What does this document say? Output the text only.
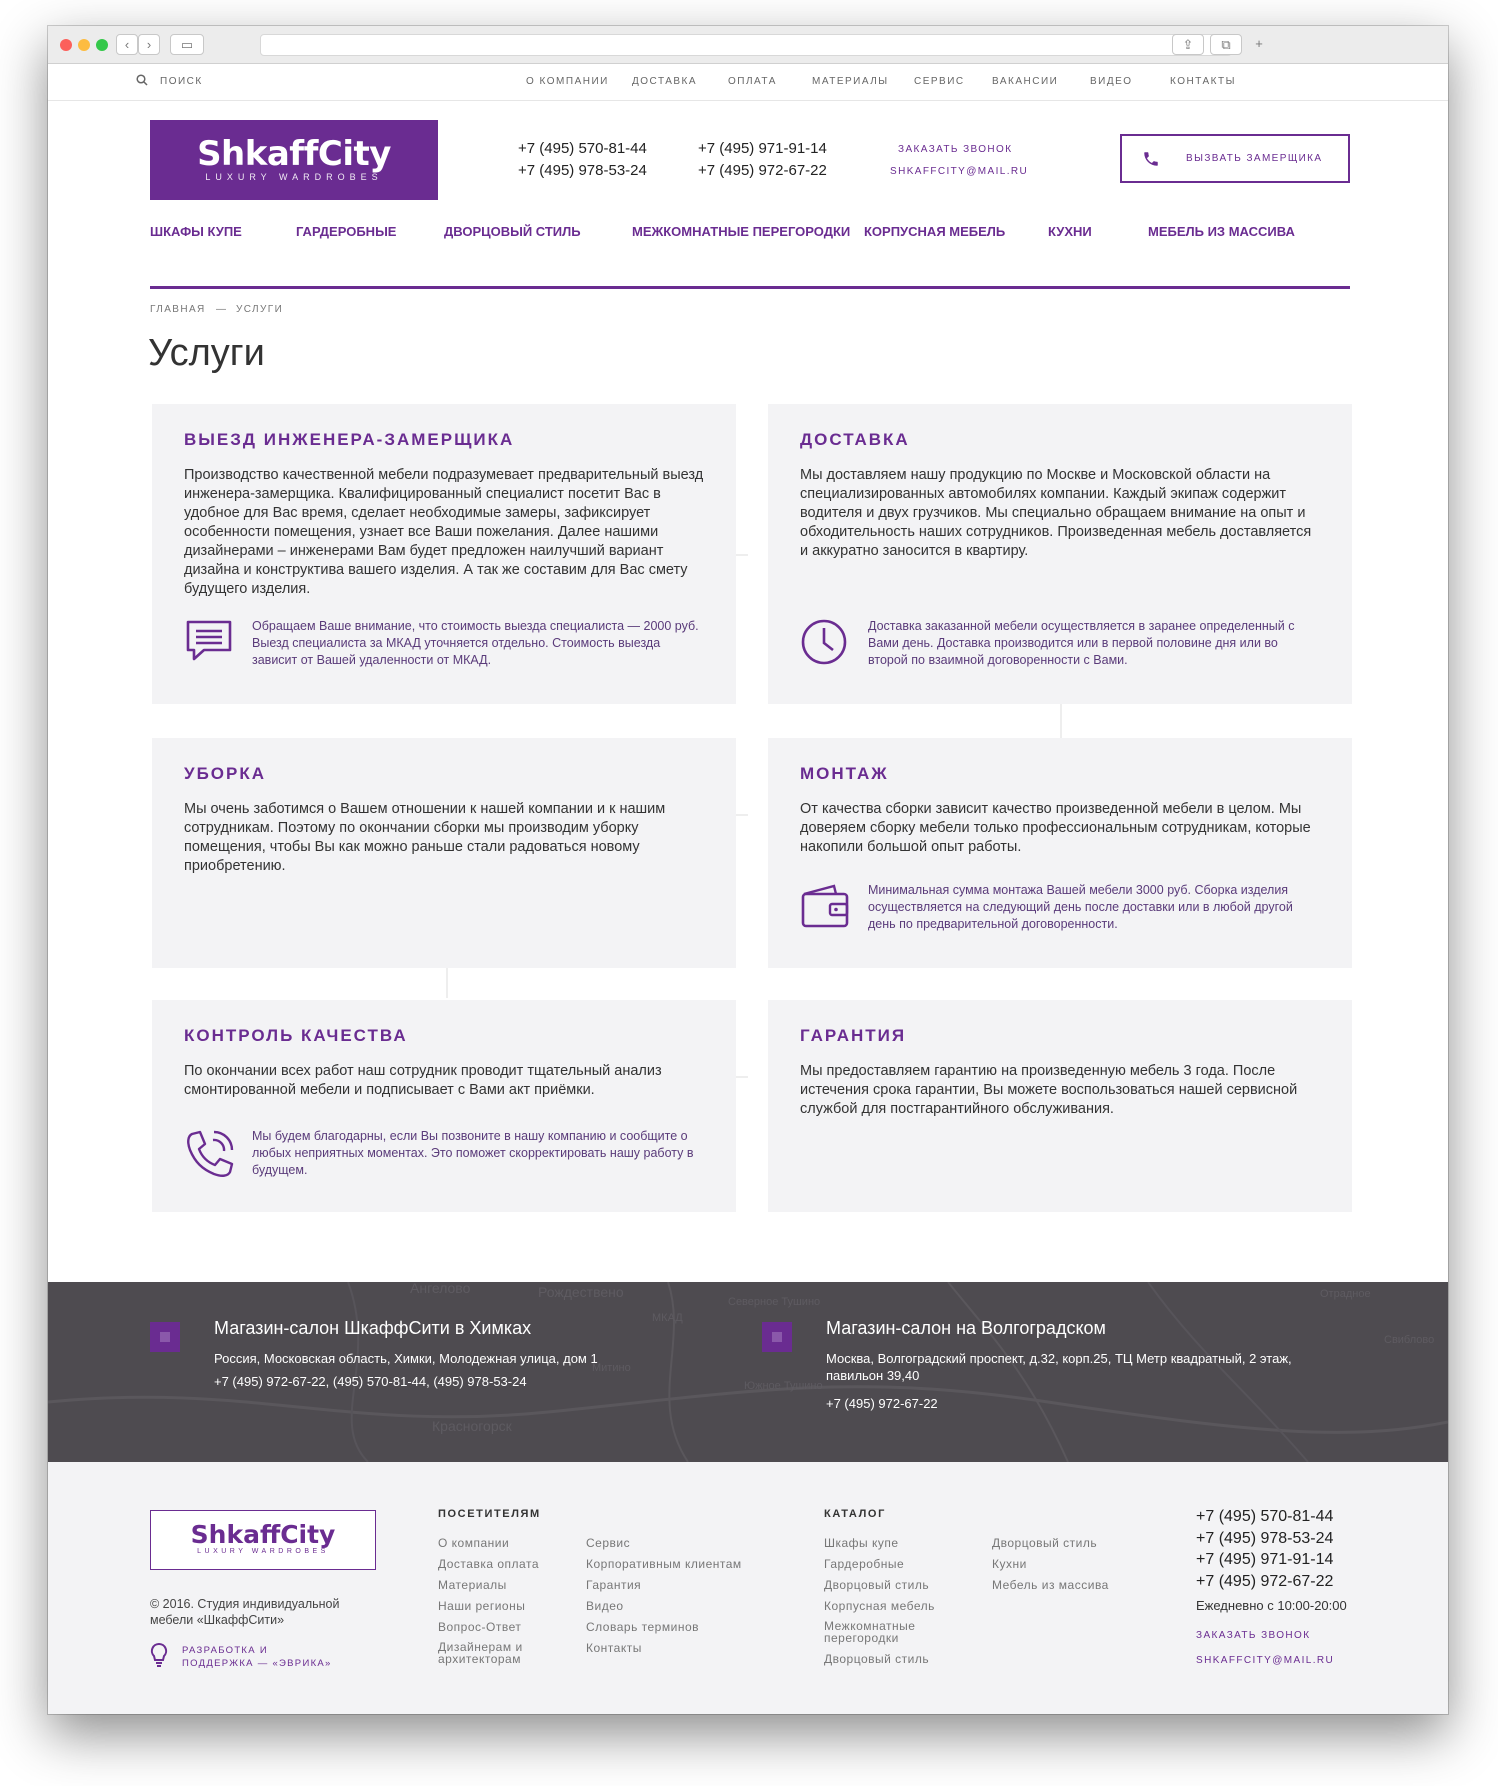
‹	›	▭	⇪	⧉	+
ПОИСК	О КОМПАНИИ ДОСТАВКА	ОПЛАТА	МАТЕРИАЛЫ	СЕРВИС	ВАКАНСИИ	ВИДЕО	КОНТАКТЫ
ShkaffCity
LUXURY WARDROBES
+7 (495) 570-81-44
+7 (495) 978-53-24
+7 (495) 971-91-14
+7 (495) 972-67-22
ЗАКАЗАТЬ ЗВОНОК
SHKAFFCITY@MAIL.RU
ВЫЗВАТЬ ЗАМЕРЩИКА
ШКАФЫ КУПЕ	ГАРДЕРОБНЫЕ	ДВОРЦОВЫЙ СТИЛЬ	МЕЖКОМНАТНЫЕ ПЕРЕГОРОДКИ КОРПУСНАЯ МЕБЕЛЬ	КУХНИ	МЕБЕЛЬ ИЗ МАССИВА
ГЛАВНАЯ — УСЛУГИ
Услуги
ВЫЕЗД ИНЖЕНЕРА-ЗАМЕРЩИКА

Производство качественной мебели подразумевает предварительный выезд инженера-замерщика. Квалифицированный специалист посетит Вас в удобное для Вас время, сделает необходимые замеры, зафиксирует особенности помещения, узнает все Ваши пожелания. Далее нашими дизайнерами – инженерами Вам будет предложен наилучший вариант дизайна и конструктива вашего изделия. А так же составим для Вас смету будущего изделия.

Обращаем Ваше внимание, что стоимость выезда специалиста — 2000 руб. Выезд специалиста за МКАД уточняется отдельно. Стоимость выезда зависит от Вашей удаленности от МКАД.
ДОСТАВКА

Мы доставляем нашу продукцию по Москве и Московской области на специализированных автомобилях компании. Каждый экипаж содержит водителя и двух грузчиков. Мы специально обращаем внимание на опыт и обходительность наших сотрудников. Произведенная мебель доставляется и аккуратно заносится в квартиру.

Доставка заказанной мебели осуществляется в заранее определенный с Вами день. Доставка производится или в первой половине дня или во второй по взаимной договоренности с Вами.
УБОРКА

Мы очень заботимся о Вашем отношении к нашей компании и к нашим сотрудникам. Поэтому по окончании сборки мы производим уборку помещения, чтобы Вы как можно раньше стали радоваться новому приобретению.

МОНТАЖ

От качества сборки зависит качество произведенной мебели в целом. Мы доверяем сборку мебели только профессиональным сотрудникам, которые накопили большой опыт работы.

Минимальная сумма монтажа Вашей мебели 3000 руб. Сборка изделия осуществляется на следующий день после доставки или в любой другой день по предварительной договоренности.
КОНТРОЛЬ КАЧЕСТВА

По окончании всех работ наш сотрудник проводит тщательный анализ смонтированной мебели и подписывает с Вами акт приёмки.

Мы будем благодарны, если Вы позвоните в нашу компанию и сообщите о любых неприятных моментах. Это поможет скорректировать нашу работу в будущем.
ГАРАНТИЯ

Мы предоставляем гарантию на произведенную мебель 3 года. После истечения срока гарантии, Вы можете воспользоваться нашей сервисной службой для постгарантийного обслуживания.

Ангелово	Рождествено
Красногорск
Митино
Южное Тушино
Северное Тушино
МКАД
Отрадное
Свиблово
Магазин-салон ШкаффСити в Химках
Россия, Московская область, Химки, Молодежная улица, дом 1
+7 (495) 972-67-22, (495) 570-81-44, (495) 978-53-24
Магазин-салон на Волгоградском
Москва, Волгоградский проспект, д.32, корп.25, ТЦ Метр квадратный, 2 этаж, павильон 39,40
+7 (495) 972-67-22
ShkaffCity
LUXURY WARDROBES
© 2016. Студия индивидуальной мебели «ШкаффСити»
РАЗРАБОТКА И ПОДДЕРЖКА — «ЭВРИКА»
ПОСЕТИТЕЛЯМ
О компании
Доставка оплата
Материалы
Наши регионы
Вопрос-Ответ
Дизайнерам и архитекторам
Сервис
Корпоративным клиентам
Гарантия
Видео
Словарь терминов
Контакты
КАТАЛОГ
Шкафы купе
Гардеробные
Дворцовый стиль
Корпусная мебель
Межкомнатные перегородки
Дворцовый стиль
Дворцовый стиль
Кухни
Мебель из массива
+7 (495) 570-81-44
+7 (495) 978-53-24
+7 (495) 971-91-14
+7 (495) 972-67-22
Ежедневно с 10:00-20:00
ЗАКАЗАТЬ ЗВОНОК
SHKAFFCITY@MAIL.RU
